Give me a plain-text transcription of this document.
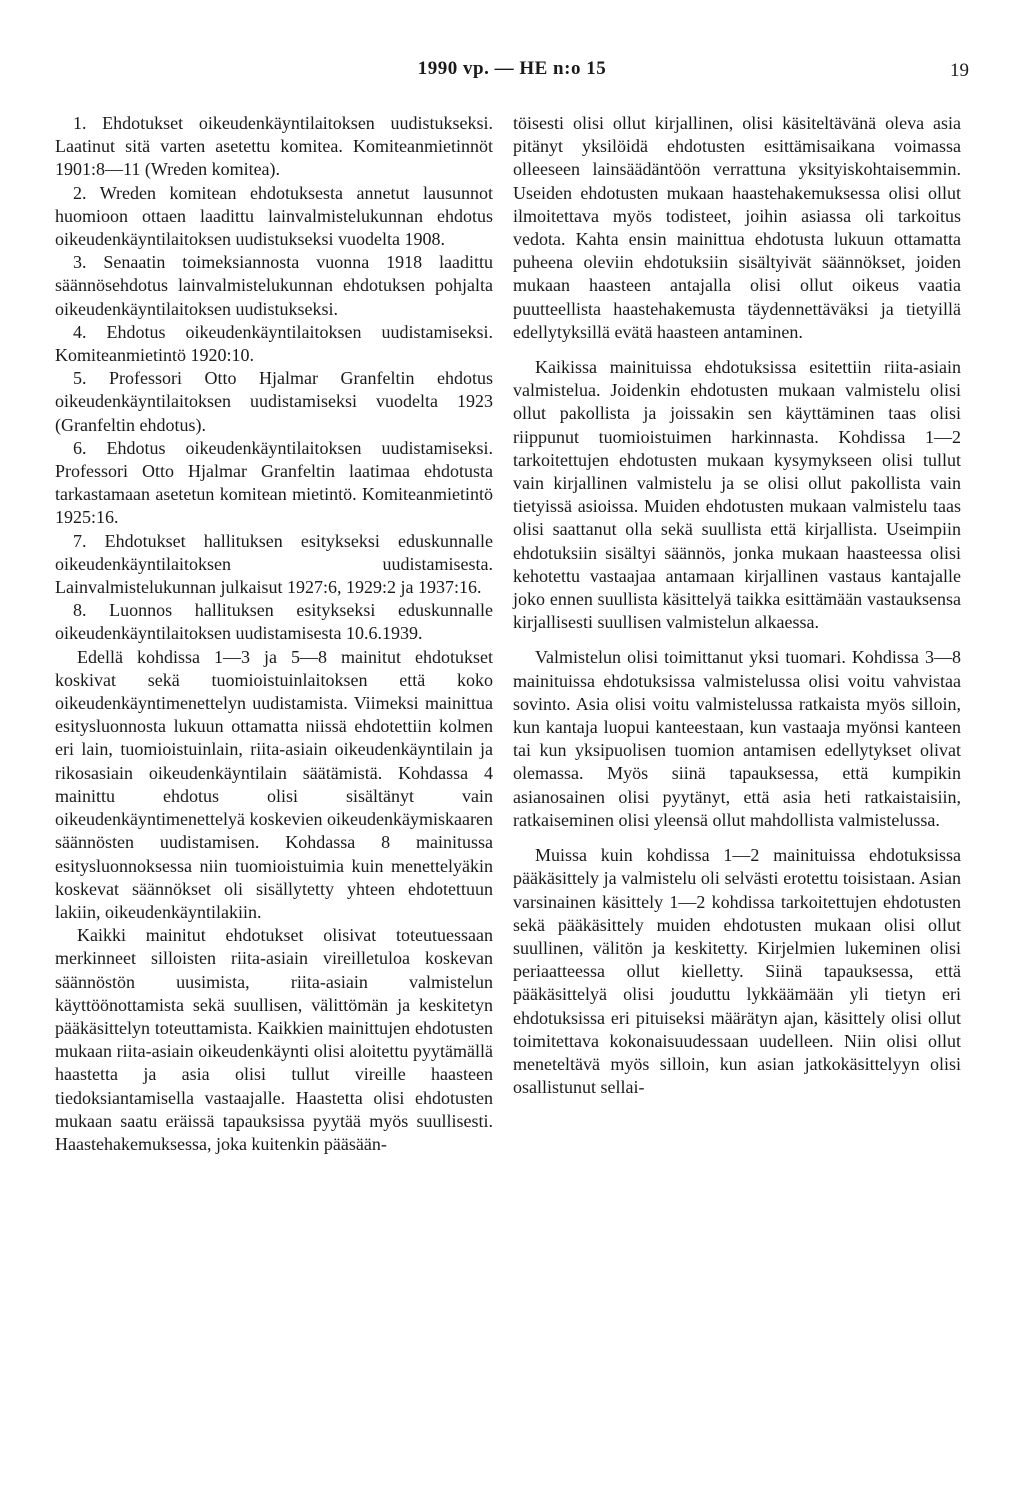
1990 vp. — HE n:o 15	19

1. Ehdotukset oikeudenkäyntilaitoksen uudistukseksi. Laatinut sitä varten asetettu komitea. Komiteanmietinnöt 1901:8—11 (Wreden komitea).

2. Wreden komitean ehdotuksesta annetut lausunnot huomioon ottaen laadittu lainvalmistelukunnan ehdotus oikeudenkäyntilaitoksen uudistukseksi vuodelta 1908.

3. Senaatin toimeksiannosta vuonna 1918 laadittu säännösehdotus lainvalmistelukunnan ehdotuksen pohjalta oikeudenkäyntilaitoksen uudistukseksi.

4. Ehdotus oikeudenkäyntilaitoksen uudistamiseksi. Komiteanmietintö 1920:10.

5. Professori Otto Hjalmar Granfeltin ehdotus oikeudenkäyntilaitoksen uudistamiseksi vuodelta 1923 (Granfeltin ehdotus).

6. Ehdotus oikeudenkäyntilaitoksen uudistamiseksi. Professori Otto Hjalmar Granfeltin laatimaa ehdotusta tarkastamaan asetetun komitean mietintö. Komiteanmietintö 1925:16.

7. Ehdotukset hallituksen esitykseksi eduskunnalle oikeudenkäyntilaitoksen uudistamisesta. Lainvalmistelukunnan julkaisut 1927:6, 1929:2 ja 1937:16.

8. Luonnos hallituksen esitykseksi eduskunnalle oikeudenkäyntilaitoksen uudistamisesta 10.6.1939.

Edellä kohdissa 1—3 ja 5—8 mainitut ehdotukset koskivat sekä tuomioistuinlaitoksen että koko oikeudenkäyntimenettelyn uudistamista. Viimeksi mainittua esitysluonnosta lukuun ottamatta niissä ehdotettiin kolmen eri lain, tuomioistuinlain, riita-asiain oikeudenkäyntilain ja rikosasiain oikeudenkäyntilain säätämistä. Kohdassa 4 mainittu ehdotus olisi sisältänyt vain oikeudenkäyntimenettelyä koskevien oikeudenkäymiskaaren säännösten uudistamisen. Kohdassa 8 mainitussa esitysluonnoksessa niin tuomioistuimia kuin menettelyäkin koskevat säännökset oli sisällytetty yhteen ehdotettuun lakiin, oikeudenkäyntilakiin.

Kaikki mainitut ehdotukset olisivat toteutuessaan merkinneet silloisten riita-asiain vireilletuloa koskevan säännöstön uusimista, riita-asiain valmistelun käyttöönottamista sekä suullisen, välittömän ja keskitetyn pääkäsittelyn toteuttamista. Kaikkien mainittujen ehdotusten mukaan riita-asiain oikeudenkäynti olisi aloitettu pyytämällä haastetta ja asia olisi tullut vireille haasteen tiedoksiantamisella vastaajalle. Haastetta olisi ehdotusten mukaan saatu eräissä tapauksissa pyytää myös suullisesti. Haastehakemuksessa, joka kuitenkin pääsään-

töisesti olisi ollut kirjallinen, olisi käsiteltävänä oleva asia pitänyt yksilöidä ehdotusten esittämisaikana voimassa olleeseen lainsäädäntöön verrattuna yksityiskohtaisemmin. Useiden ehdotusten mukaan haastehakemuksessa olisi ollut ilmoitettava myös todisteet, joihin asiassa oli tarkoitus vedota. Kahta ensin mainittua ehdotusta lukuun ottamatta puheena oleviin ehdotuksiin sisältyivät säännökset, joiden mukaan haasteen antajalla olisi ollut oikeus vaatia puutteellista haastehakemusta täydennettäväksi ja tietyillä edellytyksillä evätä haasteen antaminen.

Kaikissa mainituissa ehdotuksissa esitettiin riita-asiain valmistelua. Joidenkin ehdotusten mukaan valmistelu olisi ollut pakollista ja joissakin sen käyttäminen taas olisi riippunut tuomioistuimen harkinnasta. Kohdissa 1—2 tarkoitettujen ehdotusten mukaan kysymykseen olisi tullut vain kirjallinen valmistelu ja se olisi ollut pakollista vain tietyissä asioissa. Muiden ehdotusten mukaan valmistelu taas olisi saattanut olla sekä suullista että kirjallista. Useimpiin ehdotuksiin sisältyi säännös, jonka mukaan haasteessa olisi kehotettu vastaajaa antamaan kirjallinen vastaus kantajalle joko ennen suullista käsittelyä taikka esittämään vastauksensa kirjallisesti suullisen valmistelun alkaessa.

Valmistelun olisi toimittanut yksi tuomari. Kohdissa 3—8 mainituissa ehdotuksissa valmistelussa olisi voitu vahvistaa sovinto. Asia olisi voitu valmistelussa ratkaista myös silloin, kun kantaja luopui kanteestaan, kun vastaaja myönsi kanteen tai kun yksipuolisen tuomion antamisen edellytykset olivat olemassa. Myös siinä tapauksessa, että kumpikin asianosainen olisi pyytänyt, että asia heti ratkaistaisiin, ratkaiseminen olisi yleensä ollut mahdollista valmistelussa.

Muissa kuin kohdissa 1—2 mainituissa ehdotuksissa pääkäsittely ja valmistelu oli selvästi erotettu toisistaan. Asian varsinainen käsittely 1—2 kohdissa tarkoitettujen ehdotusten sekä pääkäsittely muiden ehdotusten mukaan olisi ollut suullinen, välitön ja keskitetty. Kirjelmien lukeminen olisi periaatteessa ollut kielletty. Siinä tapauksessa, että pääkäsittelyä olisi jouduttu lykkäämään yli tietyn eri ehdotuksissa eri pituiseksi määrätyn ajan, käsittely olisi ollut toimitettava kokonaisuudessaan uudelleen. Niin olisi ollut meneteltävä myös silloin, kun asian jatkokäsittelyyn olisi osallistunut sellai-
